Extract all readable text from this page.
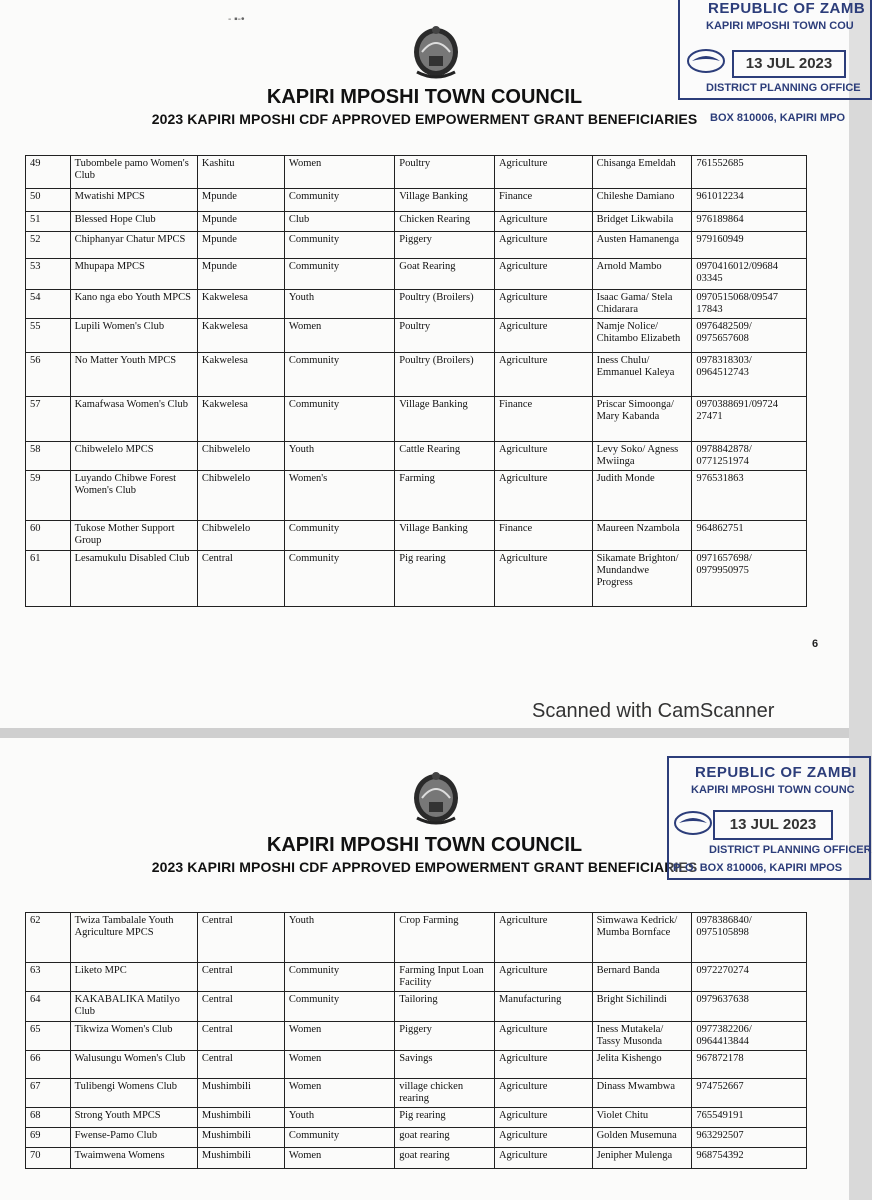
‐ ▪‐•
KAPIRI MPOSHI TOWN COUNCIL
2023 KAPIRI MPOSHI CDF APPROVED EMPOWERMENT GRANT BENEFICIARIES
REPUBLIC OF ZAMB
KAPIRI MPOSHI TOWN COU
13 JUL 2023
DISTRICT PLANNING OFFICE
BOX 810006, KAPIRI MPO
49	Tubombele pamo Women's Club	Kashitu	Women	Poultry	Agriculture	Chisanga Emeldah	761552685
50	Mwatishi MPCS	Mpunde	Community	Village Banking	Finance	Chileshe Damiano	961012234
51	Blessed Hope Club	Mpunde	Club	Chicken Rearing	Agriculture	Bridget Likwabila	976189864
52	Chiphanyar Chatur MPCS	Mpunde	Community	Piggery	Agriculture	Austen Hamanenga	979160949
53	Mhupapa MPCS	Mpunde	Community	Goat Rearing	Agriculture	Arnold Mambo	0970416012/09684 03345
54	Kano nga ebo Youth MPCS	Kakwelesa	Youth	Poultry (Broilers)	Agriculture	Isaac Gama/ Stela Chidarara	0970515068/09547 17843
55	Lupili Women's Club	Kakwelesa	Women	Poultry	Agriculture	Namje Nolice/ Chitambo Elizabeth	0976482509/ 0975657608
56	No Matter Youth MPCS	Kakwelesa	Community	Poultry (Broilers)	Agriculture	Iness Chulu/ Emmanuel Kaleya	0978318303/ 0964512743
57	Kamafwasa Women's Club	Kakwelesa	Community	Village Banking	Finance	Priscar Simoonga/ Mary Kabanda	0970388691/09724 27471
58	Chibwelelo MPCS	Chibwelelo	Youth	Cattle Rearing	Agriculture	Levy Soko/ Agness Mwiinga	0978842878/ 0771251974
59	Luyando Chibwe Forest Women's Club	Chibwelelo	Women's	Farming	Agriculture	Judith Monde	976531863
60	Tukose Mother Support Group	Chibwelelo	Community	Village Banking	Finance	Maureen Nzambola	964862751
61	Lesamukulu Disabled Club	Central	Community	Pig rearing	Agriculture	Sikamate Brighton/ Mundandwe Progress	0971657698/ 0979950975
6
Scanned with CamScanner
KAPIRI MPOSHI TOWN COUNCIL
2023 KAPIRI MPOSHI CDF APPROVED EMPOWERMENT GRANT BENEFICIARIES
REPUBLIC OF ZAMBI
KAPIRI MPOSHI TOWN COUNC
13 JUL 2023
DISTRICT PLANNING OFFICER
P. O. BOX 810006, KAPIRI MPOS
62	Twiza Tambalale Youth Agriculture MPCS	Central	Youth	Crop Farming	Agriculture	Simwawa Kedrick/ Mumba Bornface	0978386840/ 0975105898
63	Liketo MPC	Central	Community	Farming Input Loan Facility	Agriculture	Bernard Banda	0972270274
64	KAKABALIKA Matilyo Club	Central	Community	Tailoring	Manufacturing	Bright Sichilindi	0979637638
65	Tikwiza Women's Club	Central	Women	Piggery	Agriculture	Iness Mutakela/ Tassy Musonda	0977382206/ 0964413844
66	Walusungu Women's Club	Central	Women	Savings	Agriculture	Jelita Kishengo	967872178
67	Tulibengi Womens Club	Mushimbili	Women	village chicken rearing	Agriculture	Dinass Mwambwa	974752667
68	Strong Youth MPCS	Mushimbili	Youth	Pig rearing	Agriculture	Violet Chitu	765549191
69	Fwense-Pamo Club	Mushimbili	Community	goat rearing	Agriculture	Golden Musemuna	963292507
70	Twaimwena Womens	Mushimbili	Women	goat rearing	Agriculture	Jenipher Mulenga	968754392
